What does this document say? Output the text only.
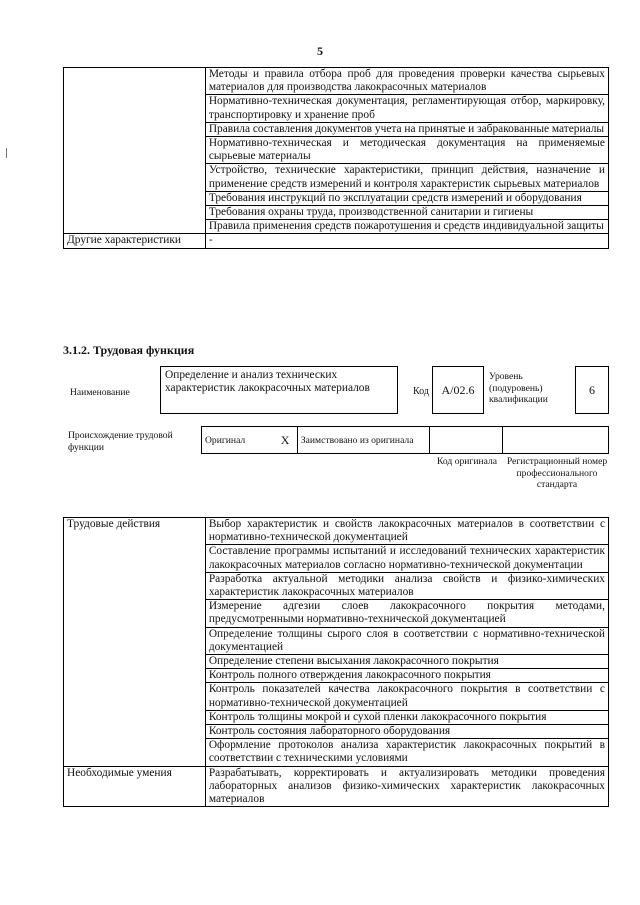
5
	Методы и правила отбора проб для проведения проверки качества сырьевых материалов для производства лакокрасочных материалов
	Нормативно-техническая документация, регламентирующая отбор, маркировку, транспортировку и хранение проб
	Правила составления документов учета на принятые и забракованные материалы
	Нормативно-техническая и методическая документация на применяемые сырьевые материалы
	Устройство, технические характеристики, принцип действия, назначение и применение средств измерений и контроля характеристик сырьевых материалов
	Требования инструкций по эксплуатации средств измерений и оборудования
	Требования охраны труда, производственной санитарии и гигиены
	Правила применения средств пожаротушения и средств индивидуальной защиты
Другие характеристики	-
3.1.2. Трудовая функция
Наименование
Определение и анализ технических характеристик лакокрасочных материалов	Код	А/02.6
Уровень (подуровень) квалификации
6
Происхождение трудовой функции
Оригинал	X	Заимствовано из оригинала		
Код оригинала	Регистрационный номер профессионального стандарта
Трудовые действия	Выбор характеристик и свойств лакокрасочных материалов в соответствии с нормативно-технической документацией
	Составление программы испытаний и исследований технических характеристик лакокрасочных материалов согласно нормативно-технической документации
	Разработка актуальной методики анализа свойств и физико-химических характеристик лакокрасочных материалов
	Измерение адгезии слоев лакокрасочного покрытия методами, предусмотренными нормативно-технической документацией
	Определение толщины сырого слоя в соответствии с нормативно-технической документацией
	Определение степени высыхания лакокрасочного покрытия
	Контроль полного отверждения лакокрасочного покрытия
	Контроль показателей качества лакокрасочного покрытия в соответствии с нормативно-технической документацией
	Контроль толщины мокрой и сухой пленки лакокрасочного покрытия
	Контроль состояния лабораторного оборудования
	Оформление протоколов анализа характеристик лакокрасочных покрытий в соответствии с техническими условиями
Необходимые умения	Разрабатывать, корректировать и актуализировать методики проведения лабораторных анализов физико-химических характеристик лакокрасочных материалов
